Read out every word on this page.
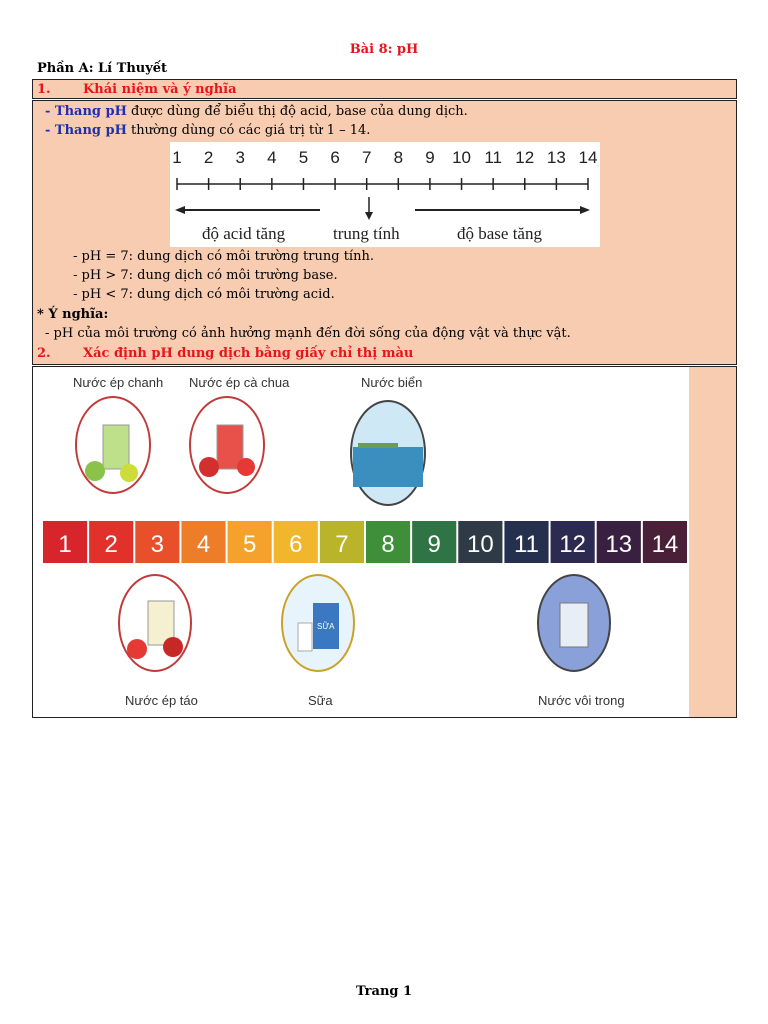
Bài 8: pH
Phần A: Lí Thuyết
1. Khái niệm và ý nghĩa
- Thang pH được dùng để biểu thị độ acid, base của dung dịch.
- Thang pH thường dùng có các giá trị từ 1 – 14.
1 2 3 4 5 6 7 8 9 10 11 12 13 14
độ acid tăng	trung tính	độ base tăng
- pH = 7: dung dịch có môi trường trung tính.
- pH > 7: dung dịch có môi trường base.
- pH < 7: dung dịch có môi trường acid.
* Ý nghĩa:
- pH của môi trường có ảnh hưởng mạnh đến đời sống của động vật và thực vật.
2. Xác định pH dung dịch bằng giấy chỉ thị màu
SỮA
Nước ép chanh Nước ép cà chua	Nước biển
Nước ép táo	Sữa	Nước vôi trong
1 2 3 4 5 6 7 8 9 10 11 12 13 14
Trang 1
